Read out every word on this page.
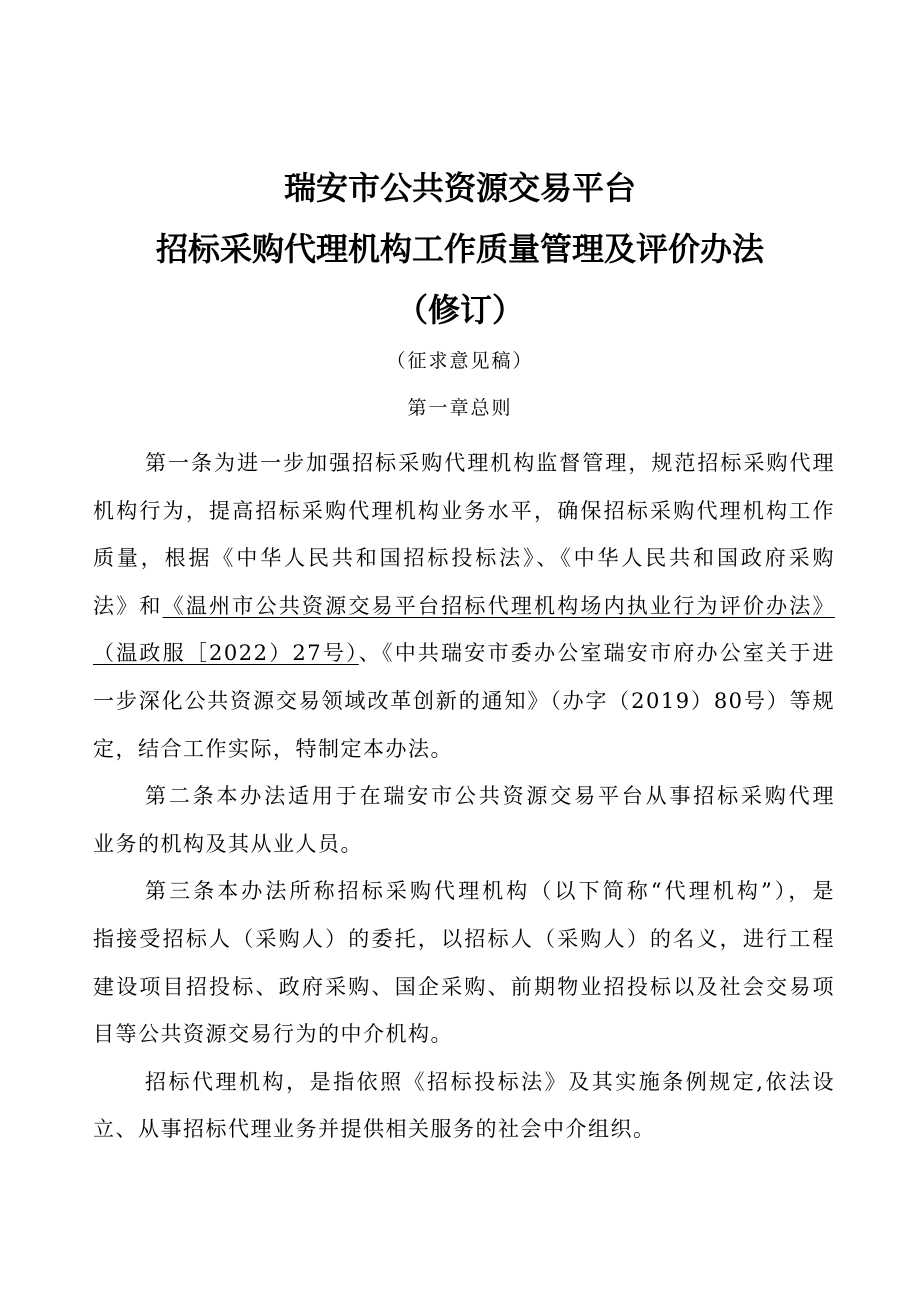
瑞安市公共资源交易平台
招标采购代理机构工作质量管理及评价办法
（修订）
（征求意见稿）
第一章总则
第一条为进一步加强招标采购代理机构监督管理，规范招标采购代理
机构行为，提高招标采购代理机构业务水平，确保招标采购代理机构工作
质量，根据《中华人民共和国招标投标法》、《中华人民共和国政府采购
法》和《温州市公共资源交易平台招标代理机构场内执业行为评价办法》
（温政服［2022）27号）、《中共瑞安市委办公室瑞安市府办公室关于进
一步深化公共资源交易领域改革创新的通知》（办字（2019）80号）等规
定，结合工作实际，特制定本办法。
第二条本办法适用于在瑞安市公共资源交易平台从事招标采购代理
业务的机构及其从业人员。
第三条本办法所称招标采购代理机构（以下简称“代理机构”），是
指接受招标人（采购人）的委托，以招标人（采购人）的名义，进行工程
建设项目招投标、政府采购、国企采购、前期物业招投标以及社会交易项
目等公共资源交易行为的中介机构。
招标代理机构，是指依照《招标投标法》及其实施条例规定,依法设
立、从事招标代理业务并提供相关服务的社会中介组织。
